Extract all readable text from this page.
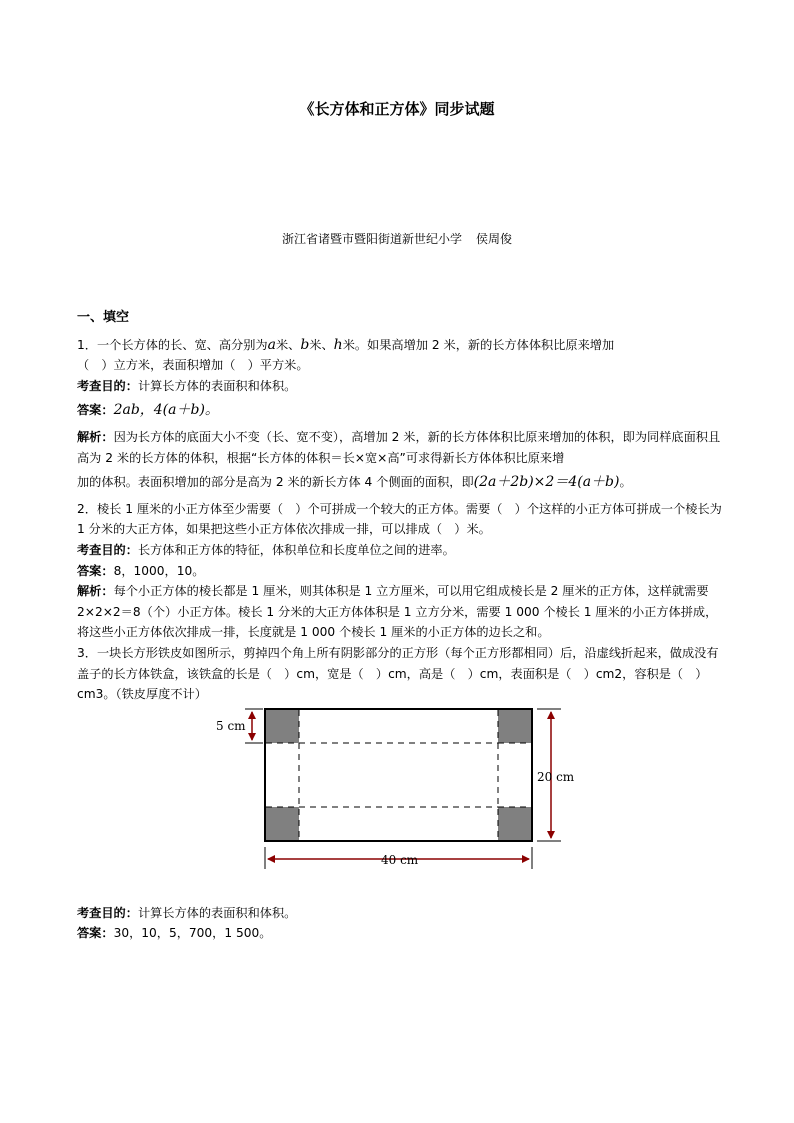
《长方体和正方体》同步试题
浙江省诸暨市暨阳街道新世纪小学 侯周俊
一、填空

1．一个长方体的长、宽、高分别为a米、b米、h米。如果高增加 2 米，新的长方体体积比原来增加

（　）立方米，表面积增加（　）平方米。

考查目的：计算长方体的表面积和体积。

答案：2ab，4(a＋b)。

解析：因为长方体的底面大小不变（长、宽不变），高增加 2 米，新的长方体体积比原来增加的体积，即为同样底面积且高为 2 米的长方体的体积，根据“长方体的体积＝长×宽×高”可求得新长方体体积比原来增

加的体积。表面积增加的部分是高为 2 米的新长方体 4 个侧面的面积，即(2a＋2b)×2＝4(a＋b)。

2．棱长 1 厘米的小正方体至少需要（　）个可拼成一个较大的正方体。需要（　）个这样的小正方体可拼成一个棱长为 1 分米的大正方体，如果把这些小正方体依次排成一排，可以排成（　）米。

考查目的：长方体和正方体的特征，体积单位和长度单位之间的进率。

答案：8，1000，10。

解析：每个小正方体的棱长都是 1 厘米，则其体积是 1 立方厘米，可以用它组成棱长是 2 厘米的正方体，这样就需要 2×2×2＝8（个）小正方体。棱长 1 分米的大正方体体积是 1 立方分米，需要 1 000 个棱长 1 厘米的小正方体拼成，将这些小正方体依次排成一排，长度就是 1 000 个棱长 1 厘米的小正方体的边长之和。

3．一块长方形铁皮如图所示，剪掉四个角上所有阴影部分的正方形（每个正方形都相同）后，沿虚线折起来，做成没有盖子的长方体铁盒，该铁盒的长是（　）cm，宽是（　）cm，高是（　）cm，表面积是（　）cm2，容积是（　）cm3。（铁皮厚度不计）

5 cm
20 cm
40 cm

考查目的：计算长方体的表面积和体积。

答案：30，10，5，700，1 500。
